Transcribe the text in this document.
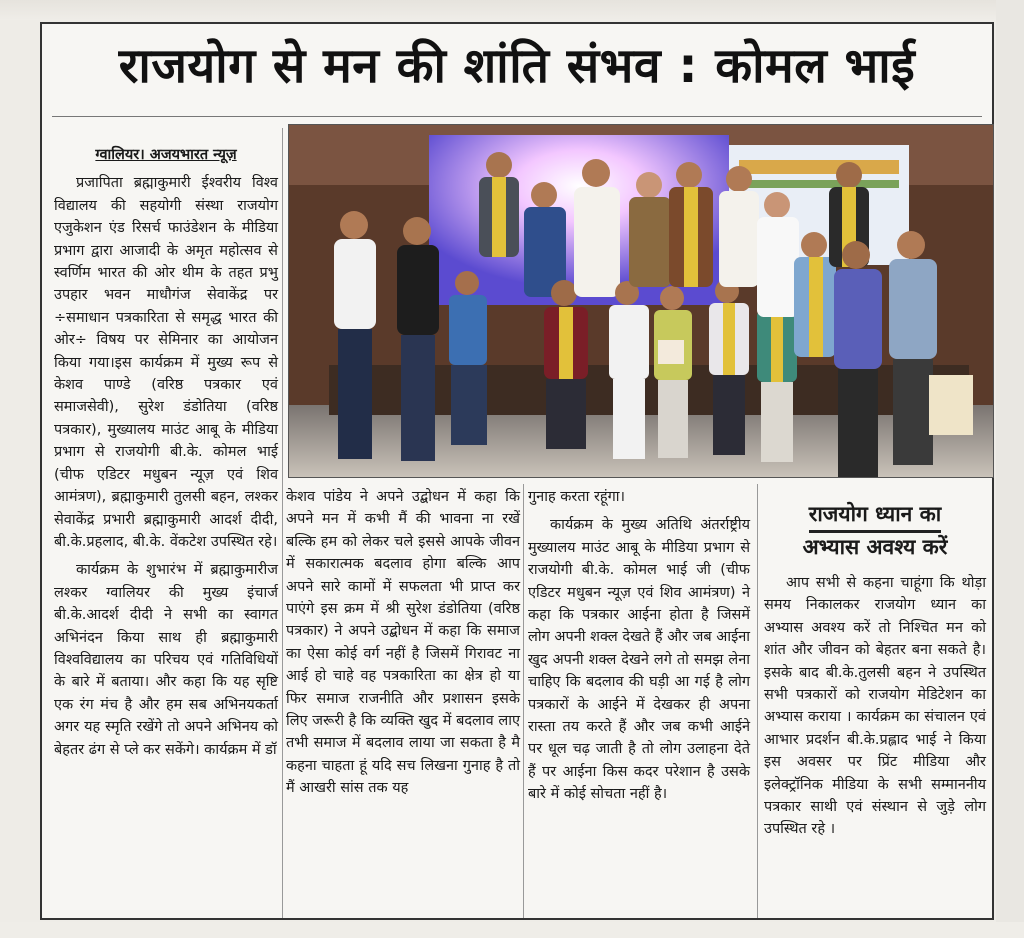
राजयोग से मन की शांति संभव : कोमल भाई

ग्वालियर। अजयभारत न्यूज़

प्रजापिता ब्रह्माकुमारी ईश्वरीय विश्व विद्यालय की सहयोगी संस्था राजयोग एजुकेशन एंड रिसर्च फाउंडेशन के मीडिया प्रभाग द्वारा आजादी के अमृत महोत्सव से स्वर्णिम भारत की ओर थीम के तहत प्रभु उपहार भवन माधौगंज सेवाकेंद्र पर ÷समाधान पत्रकारिता से समृद्ध भारत की ओर÷ विषय पर सेमिनार का आयोजन किया गया।इस कार्यक्रम में मुख्य रूप से केशव पाण्डे (वरिष्ठ पत्रकार एवं समाजसेवी), सुरेश डंडोतिया (वरिष्ठ पत्रकार), मुख्यालय माउंट आबू के मीडिया प्रभाग से राजयोगी बी.के. कोमल भाई (चीफ एडिटर मधुबन न्यूज़ एवं शिव आमंत्रण), ब्रह्माकुमारी तुलसी बहन, लश्कर सेवाकेंद्र प्रभारी ब्रह्माकुमारी आदर्श दीदी, बी.के.प्रहलाद, बी.के. वेंकटेश उपस्थित रहे।

कार्यक्रम के शुभारंभ में ब्रह्माकुमारीज लश्कर ग्वालियर की मुख्य इंचार्ज बी.के.आदर्श दीदी ने सभी का स्वागत अभिनंदन किया साथ ही ब्रह्माकुमारी विश्वविद्यालय का परिचय एवं गतिविधियों के बारे में बताया। और कहा कि यह सृष्टि एक रंग मंच है और हम सब अभिनयकर्ता अगर यह स्मृति रखेंगे तो अपने अभिनय को बेहतर ढंग से प्ले कर सकेंगे। कार्यक्रम में डॉ

केशव पांडेय ने अपने उद्बोधन में कहा कि अपने मन में कभी मैं की भावना ना रखें बल्कि हम को लेकर चले इससे आपके जीवन में सकारात्मक बदलाव होगा बल्कि आप अपने सारे कामों में सफलता भी प्राप्त कर पाएंगे इस क्रम में श्री सुरेश डंडोतिया (वरिष्ठ पत्रकार) ने अपने उद्बोधन में कहा कि समाज का ऐसा कोई वर्ग नहीं है जिसमें गिरावट ना आई हो चाहे वह पत्रकारिता का क्षेत्र हो या फिर समाज राजनीति और प्रशासन इसके लिए जरूरी है कि व्यक्ति खुद में बदलाव लाए तभी समाज में बदलाव लाया जा सकता है मै कहना चाहता हूं यदि सच लिखना गुनाह है तो मैं आखरी सांस तक यह

गुनाह करता रहूंगा।

कार्यक्रम के मुख्य अतिथि अंतर्राष्ट्रीय मुख्यालय माउंट आबू के मीडिया प्रभाग से राजयोगी बी.के. कोमल भाई जी (चीफ एडिटर मधुबन न्यूज़ एवं शिव आमंत्रण) ने कहा कि पत्रकार आईना होता है जिसमें लोग अपनी शक्ल देखते हैं और जब आईना खुद अपनी शक्ल देखने लगे तो समझ लेना चाहिए कि बदलाव की घड़ी आ गई है लोग पत्रकारों के आईने में देखकर ही अपना रास्ता तय करते हैं और जब कभी आईने पर धूल चढ़ जाती है तो लोग उलाहना देते हैं पर आईना किस कदर परेशान है उसके बारे में कोई सोचता नहीं है।

राजयोग ध्यान का
अभ्यास अवश्य करें

आप सभी से कहना चाहूंगा कि थोड़ा समय निकालकर राजयोग ध्यान का अभ्यास अवश्य करें तो निश्चित मन को शांत और जीवन को बेहतर बना सकते है। इसके बाद बी.के.तुलसी बहन ने उपस्थित सभी पत्रकारों को राजयोग मेडिटेशन का अभ्यास कराया । कार्यक्रम का संचालन एवं आभार प्रदर्शन बी.के.प्रह्लाद भाई ने किया इस अवसर पर प्रिंट मीडिया और इलेक्ट्रॉनिक मीडिया के सभी सम्माननीय पत्रकार साथी एवं संस्थान से जुड़े लोग उपस्थित रहे ।
